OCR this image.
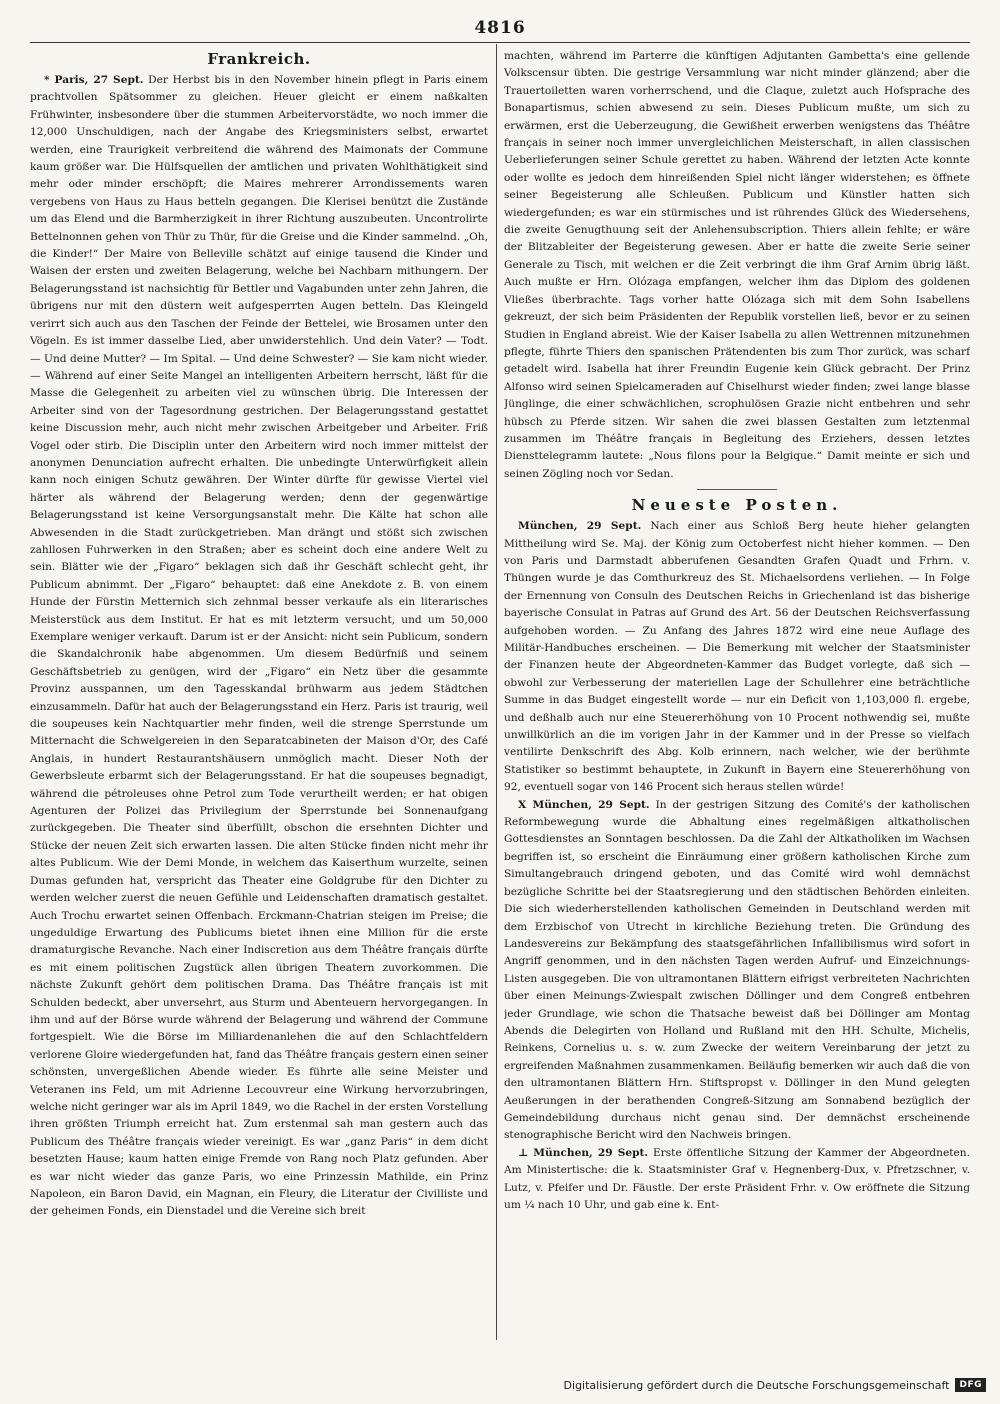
4816
Frankreich.

* Paris, 27 Sept. Der Herbst bis in den November hinein pflegt in Paris einem prachtvollen Spätsommer zu gleichen. Heuer gleicht er einem naßkalten Frühwinter, insbesondere über die stummen Arbeitervorstädte, wo noch immer die 12,000 Unschuldigen, nach der Angabe des Kriegsministers selbst, erwartet werden, eine Traurigkeit verbreitend die während des Maimonats der Commune kaum größer war. Die Hülfsquellen der amtlichen und privaten Wohlthätigkeit sind mehr oder minder erschöpft; die Maires mehrerer Arrondissements waren vergebens von Haus zu Haus betteln gegangen. Die Klerisei benützt die Zustände um das Elend und die Barmherzigkeit in ihrer Richtung auszubeuten. Uncontrolirte Bettelnonnen gehen von Thür zu Thür, für die Greise und die Kinder sammelnd. „Oh, die Kinder!“ Der Maire von Belleville schätzt auf einige tausend die Kinder und Waisen der ersten und zweiten Belagerung, welche bei Nachbarn mithungern. Der Belagerungsstand ist nachsichtig für Bettler und Vagabunden unter zehn Jahren, die übrigens nur mit den düstern weit aufgesperrten Augen betteln. Das Kleingeld verirrt sich auch aus den Taschen der Feinde der Bettelei, wie Brosamen unter den Vögeln. Es ist immer dasselbe Lied, aber unwiderstehlich. Und dein Vater? — Todt. — Und deine Mutter? — Im Spital. — Und deine Schwester? — Sie kam nicht wieder. — Während auf einer Seite Mangel an intelligenten Arbeitern herrscht, läßt für die Masse die Gelegenheit zu arbeiten viel zu wünschen übrig. Die Interessen der Arbeiter sind von der Tagesordnung gestrichen. Der Belagerungsstand gestattet keine Discussion mehr, auch nicht mehr zwischen Arbeitgeber und Arbeiter. Friß Vogel oder stirb. Die Disciplin unter den Arbeitern wird noch immer mittelst der anonymen Denunciation aufrecht erhalten. Die unbedingte Unterwürfigkeit allein kann noch einigen Schutz gewähren. Der Winter dürfte für gewisse Viertel viel härter als während der Belagerung werden; denn der gegenwärtige Belagerungsstand ist keine Versorgungsanstalt mehr. Die Kälte hat schon alle Abwesenden in die Stadt zurückgetrieben. Man drängt und stößt sich zwischen zahllosen Fuhrwerken in den Straßen; aber es scheint doch eine andere Welt zu sein. Blätter wie der „Figaro“ beklagen sich daß ihr Geschäft schlecht geht, ihr Publicum abnimmt. Der „Figaro“ behauptet: daß eine Anekdote z. B. von einem Hunde der Fürstin Metternich sich zehnmal besser verkaufe als ein literarisches Meisterstück aus dem Institut. Er hat es mit letzterm versucht, und um 50,000 Exemplare weniger verkauft. Darum ist er der Ansicht: nicht sein Publicum, sondern die Skandalchronik habe abgenommen. Um diesem Bedürfniß und seinem Geschäftsbetrieb zu genügen, wird der „Figaro“ ein Netz über die gesammte Provinz ausspannen, um den Tagesskandal brühwarm aus jedem Städtchen einzusammeln. Dafür hat auch der Belagerungsstand ein Herz. Paris ist traurig, weil die soupeuses kein Nachtquartier mehr finden, weil die strenge Sperrstunde um Mitternacht die Schwelgereien in den Separatcabineten der Maison d'Or, des Café Anglais, in hundert Restaurantshäusern unmöglich macht. Dieser Noth der Gewerbsleute erbarmt sich der Belagerungsstand. Er hat die soupeuses begnadigt, während die pétroleuses ohne Petrol zum Tode verurtheilt werden; er hat obigen Agenturen der Polizei das Privilegium der Sperrstunde bei Sonnenaufgang zurückgegeben. Die Theater sind überfüllt, obschon die ersehnten Dichter und Stücke der neuen Zeit sich erwarten lassen. Die alten Stücke finden nicht mehr ihr altes Publicum. Wie der Demi Monde, in welchem das Kaiserthum wurzelte, seinen Dumas gefunden hat, verspricht das Theater eine Goldgrube für den Dichter zu werden welcher zuerst die neuen Gefühle und Leidenschaften dramatisch gestaltet. Auch Trochu erwartet seinen Offenbach. Erckmann-Chatrian steigen im Preise; die ungeduldige Erwartung des Publicums bietet ihnen eine Million für die erste dramaturgische Revanche. Nach einer Indiscretion aus dem Théâtre français dürfte es mit einem politischen Zugstück allen übrigen Theatern zuvorkommen. Die nächste Zukunft gehört dem politischen Drama. Das Théâtre français ist mit Schulden bedeckt, aber unversehrt, aus Sturm und Abenteuern hervorgegangen. In ihm und auf der Börse wurde während der Belagerung und während der Commune fortgespielt. Wie die Börse im Milliardenanlehen die auf den Schlachtfeldern verlorene Gloire wiedergefunden hat, fand das Théâtre français gestern einen seiner schönsten, unvergeßlichen Abende wieder. Es führte alle seine Meister und Veteranen ins Feld, um mit Adrienne Lecouvreur eine Wirkung hervorzubringen, welche nicht geringer war als im April 1849, wo die Rachel in der ersten Vorstellung ihren größten Triumph erreicht hat. Zum erstenmal sah man gestern auch das Publicum des Théâtre français wieder vereinigt. Es war „ganz Paris“ in dem dicht besetzten Hause; kaum hatten einige Fremde von Rang noch Platz gefunden. Aber es war nicht wieder das ganze Paris, wo eine Prinzessin Mathilde, ein Prinz Napoleon, ein Baron David, ein Magnan, ein Fleury, die Literatur der Civilliste und der geheimen Fonds, ein Dienstadel und die Vereine sich breit

machten, während im Parterre die künftigen Adjutanten Gambetta's eine gellende Volkscensur übten. Die gestrige Versammlung war nicht minder glänzend; aber die Trauertoiletten waren vorherrschend, und die Claque, zuletzt auch Hofsprache des Bonapartismus, schien abwesend zu sein. Dieses Publicum mußte, um sich zu erwärmen, erst die Ueberzeugung, die Gewißheit erwerben wenigstens das Théâtre français in seiner noch immer unvergleichlichen Meisterschaft, in allen classischen Ueberlieferungen seiner Schule gerettet zu haben. Während der letzten Acte konnte oder wollte es jedoch dem hinreißenden Spiel nicht länger widerstehen; es öffnete seiner Begeisterung alle Schleußen. Publicum und Künstler hatten sich wiedergefunden; es war ein stürmisches und ist rührendes Glück des Wiedersehens, die zweite Genugthuung seit der Anlehensubscription. Thiers allein fehlte; er wäre der Blitzableiter der Begeisterung gewesen. Aber er hatte die zweite Serie seiner Generale zu Tisch, mit welchen er die Zeit verbringt die ihm Graf Arnim übrig läßt. Auch mußte er Hrn. Olózaga empfangen, welcher ihm das Diplom des goldenen Vließes überbrachte. Tags vorher hatte Olózaga sich mit dem Sohn Isabellens gekreuzt, der sich beim Präsidenten der Republik vorstellen ließ, bevor er zu seinen Studien in England abreist. Wie der Kaiser Isabella zu allen Wettrennen mitzunehmen pflegte, führte Thiers den spanischen Prätendenten bis zum Thor zurück, was scharf getadelt wird. Isabella hat ihrer Freundin Eugenie kein Glück gebracht. Der Prinz Alfonso wird seinen Spielcameraden auf Chiselhurst wieder finden; zwei lange blasse Jünglinge, die einer schwächlichen, scrophulösen Grazie nicht entbehren und sehr hübsch zu Pferde sitzen. Wir sahen die zwei blassen Gestalten zum letztenmal zusammen im Théâtre français in Begleitung des Erziehers, dessen letztes Diensttelegramm lautete: „Nous filons pour la Belgique.“ Damit meinte er sich und seinen Zögling noch vor Sedan.

Neueste Posten.

München, 29 Sept. Nach einer aus Schloß Berg heute hieher gelangten Mittheilung wird Se. Maj. der König zum Octoberfest nicht hieher kommen. — Den von Paris und Darmstadt abberufenen Gesandten Grafen Quadt und Frhrn. v. Thüngen wurde je das Comthurkreuz des St. Michaelsordens verliehen. — In Folge der Ernennung von Consuln des Deutschen Reichs in Griechenland ist das bisherige bayerische Consulat in Patras auf Grund des Art. 56 der Deutschen Reichsverfassung aufgehoben worden. — Zu Anfang des Jahres 1872 wird eine neue Auflage des Militär-Handbuches erscheinen. — Die Bemerkung mit welcher der Staatsminister der Finanzen heute der Abgeordneten-Kammer das Budget vorlegte, daß sich — obwohl zur Verbesserung der materiellen Lage der Schullehrer eine beträchtliche Summe in das Budget eingestellt worde — nur ein Deficit von 1,103,000 fl. ergebe, und deßhalb auch nur eine Steuererhöhung von 10 Procent nothwendig sei, mußte unwillkürlich an die im vorigen Jahr in der Kammer und in der Presse so vielfach ventilirte Denkschrift des Abg. Kolb erinnern, nach welcher, wie der berühmte Statistiker so bestimmt behauptete, in Zukunft in Bayern eine Steuererhöhung von 92, eventuell sogar von 146 Procent sich heraus stellen würde!

X München, 29 Sept. In der gestrigen Sitzung des Comité's der katholischen Reformbewegung wurde die Abhaltung eines regelmäßigen altkatholischen Gottesdienstes an Sonntagen beschlossen. Da die Zahl der Altkatholiken im Wachsen begriffen ist, so erscheint die Einräumung einer größern katholischen Kirche zum Simultangebrauch dringend geboten, und das Comité wird wohl demnächst bezügliche Schritte bei der Staatsregierung und den städtischen Behörden einleiten. Die sich wiederherstellenden katholischen Gemeinden in Deutschland werden mit dem Erzbischof von Utrecht in kirchliche Beziehung treten. Die Gründung des Landesvereins zur Bekämpfung des staatsgefährlichen Infallibilismus wird sofort in Angriff genommen, und in den nächsten Tagen werden Aufruf- und Einzeichnungs-Listen ausgegeben. Die von ultramontanen Blättern eifrigst verbreiteten Nachrichten über einen Meinungs-Zwiespalt zwischen Döllinger und dem Congreß entbehren jeder Grundlage, wie schon die Thatsache beweist daß bei Döllinger am Montag Abends die Delegirten von Holland und Rußland mit den HH. Schulte, Michelis, Reinkens, Cornelius u. s. w. zum Zwecke der weitern Vereinbarung der jetzt zu ergreifenden Maßnahmen zusammenkamen. Beiläufig bemerken wir auch daß die von den ultramontanen Blättern Hrn. Stiftspropst v. Döllinger in den Mund gelegten Aeußerungen in der berathenden Congreß-Sitzung am Sonnabend bezüglich der Gemeindebildung durchaus nicht genau sind. Der demnächst erscheinende stenographische Bericht wird den Nachweis bringen.

⊥ München, 29 Sept. Erste öffentliche Sitzung der Kammer der Abgeordneten. Am Ministertische: die k. Staatsminister Graf v. Hegnenberg-Dux, v. Pfretzschner, v. Lutz, v. Pfeifer und Dr. Fäustle. Der erste Präsident Frhr. v. Ow eröffnete die Sitzung um ¼ nach 10 Uhr, und gab eine k. Ent-

Digitalisierung gefördert durch die Deutsche Forschungsgemeinschaft	DFG
